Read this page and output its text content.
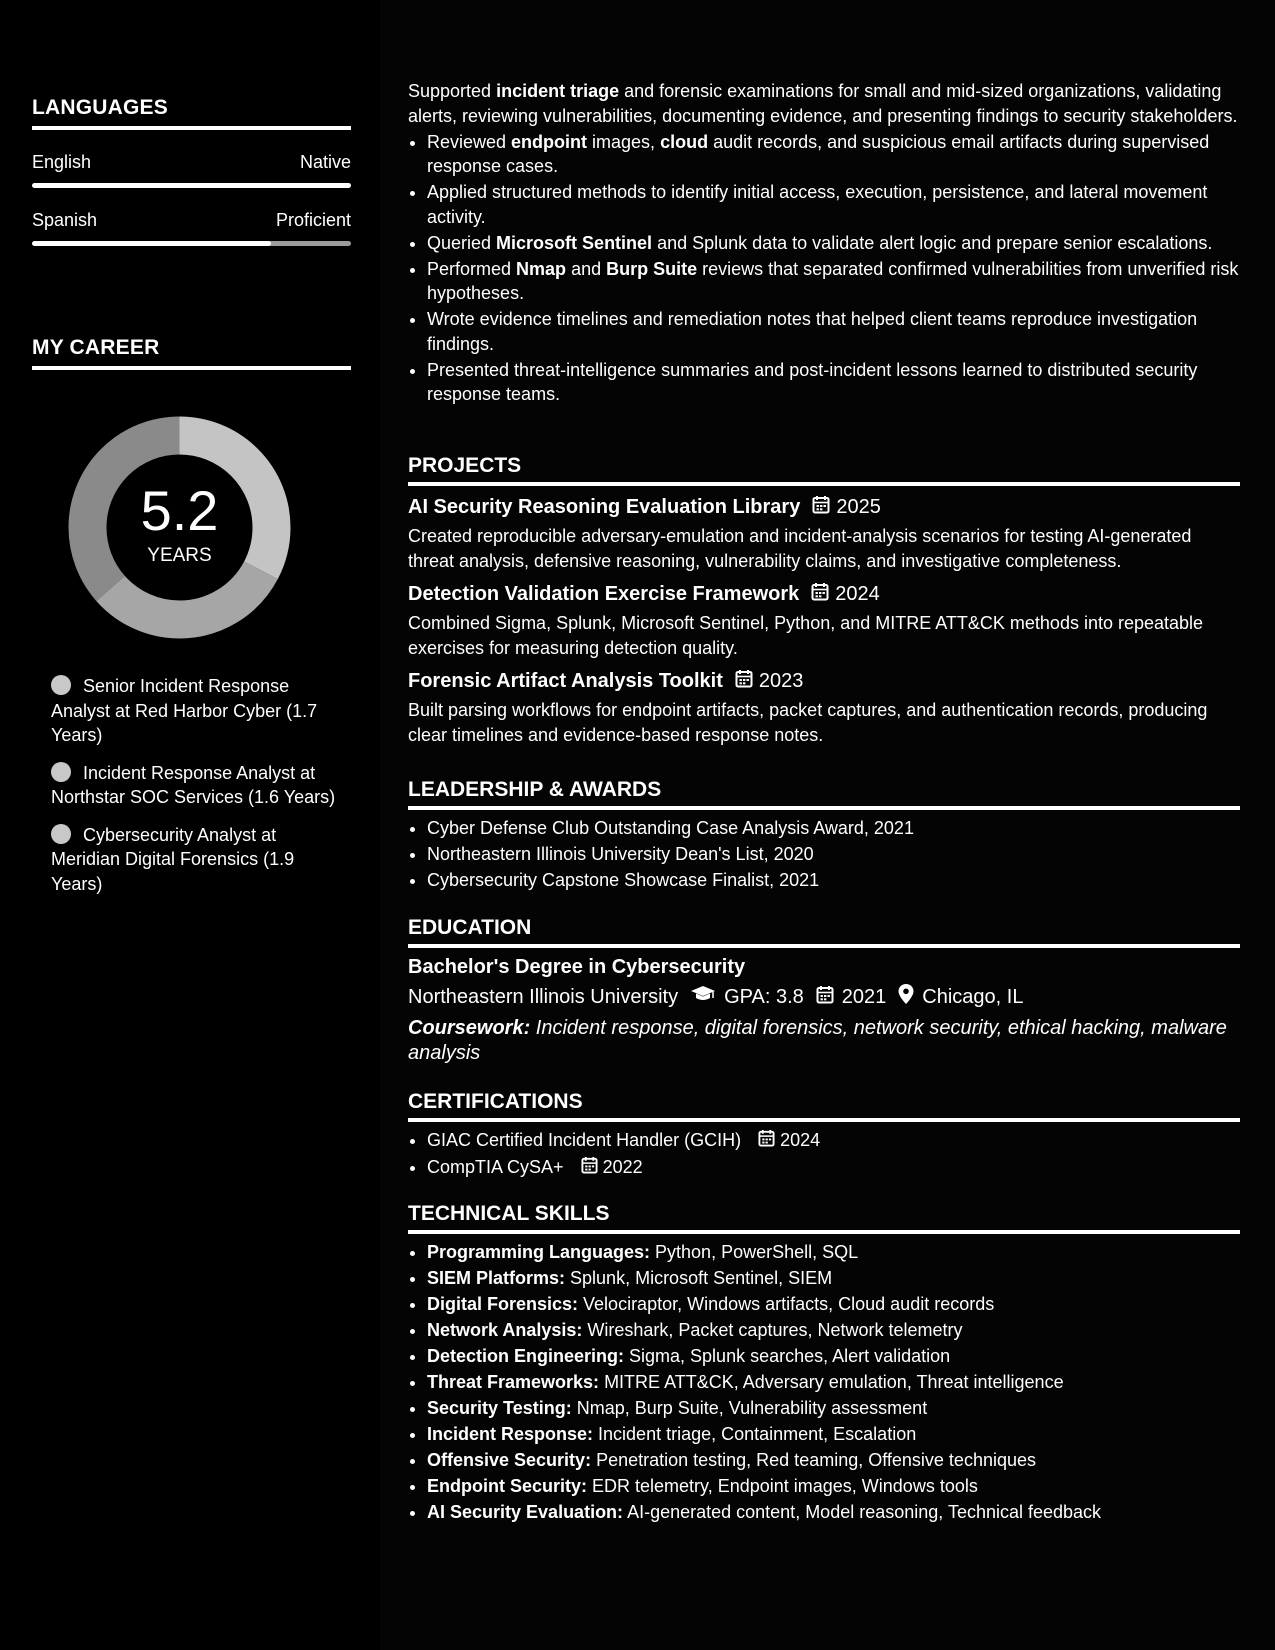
LANGUAGES
English	Native
Spanish	Proficient
MY CAREER
5.2
YEARS
Senior Incident Response Analyst at Red Harbor Cyber (1.7 Years)
Incident Response Analyst at Northstar SOC Services (1.6 Years)
Cybersecurity Analyst at Meridian Digital Forensics (1.9 Years)

Supported incident triage and forensic examinations for small and mid-sized organizations, validating alerts, reviewing vulnerabilities, documenting evidence, and presenting findings to security stakeholders.

• Reviewed endpoint images, cloud audit records, and suspicious email artifacts during supervised response cases.
• Applied structured methods to identify initial access, execution, persistence, and lateral movement activity.
• Queried Microsoft Sentinel and Splunk data to validate alert logic and prepare senior escalations.
• Performed Nmap and Burp Suite reviews that separated confirmed vulnerabilities from unverified risk hypotheses.
• Wrote evidence timelines and remediation notes that helped client teams reproduce investigation findings.
• Presented threat-intelligence summaries and post-incident lessons learned to distributed security response teams.
PROJECTS
AI Security Reasoning Evaluation Library 2025
Created reproducible adversary-emulation and incident-analysis scenarios for testing AI-generated threat analysis, defensive reasoning, vulnerability claims, and investigative completeness.
Detection Validation Exercise Framework 2024
Combined Sigma, Splunk, Microsoft Sentinel, Python, and MITRE ATT&CK methods into repeatable exercises for measuring detection quality.
Forensic Artifact Analysis Toolkit 2023
Built parsing workflows for endpoint artifacts, packet captures, and authentication records, producing clear timelines and evidence-based response notes.
LEADERSHIP & AWARDS
• Cyber Defense Club Outstanding Case Analysis Award, 2021
• Northeastern Illinois University Dean's List, 2020
• Cybersecurity Capstone Showcase Finalist, 2021
EDUCATION
Bachelor's Degree in Cybersecurity
Northeastern Illinois University GPA: 3.8 2021 Chicago, IL
Coursework: Incident response, digital forensics, network security, ethical hacking, malware analysis
CERTIFICATIONS
• GIAC Certified Incident Handler (GCIH) 2024
• CompTIA CySA+ 2022
TECHNICAL SKILLS
• Programming Languages: Python, PowerShell, SQL
• SIEM Platforms: Splunk, Microsoft Sentinel, SIEM
• Digital Forensics: Velociraptor, Windows artifacts, Cloud audit records
• Network Analysis: Wireshark, Packet captures, Network telemetry
• Detection Engineering: Sigma, Splunk searches, Alert validation
• Threat Frameworks: MITRE ATT&CK, Adversary emulation, Threat intelligence
• Security Testing: Nmap, Burp Suite, Vulnerability assessment
• Incident Response: Incident triage, Containment, Escalation
• Offensive Security: Penetration testing, Red teaming, Offensive techniques
• Endpoint Security: EDR telemetry, Endpoint images, Windows tools
• AI Security Evaluation: AI-generated content, Model reasoning, Technical feedback
